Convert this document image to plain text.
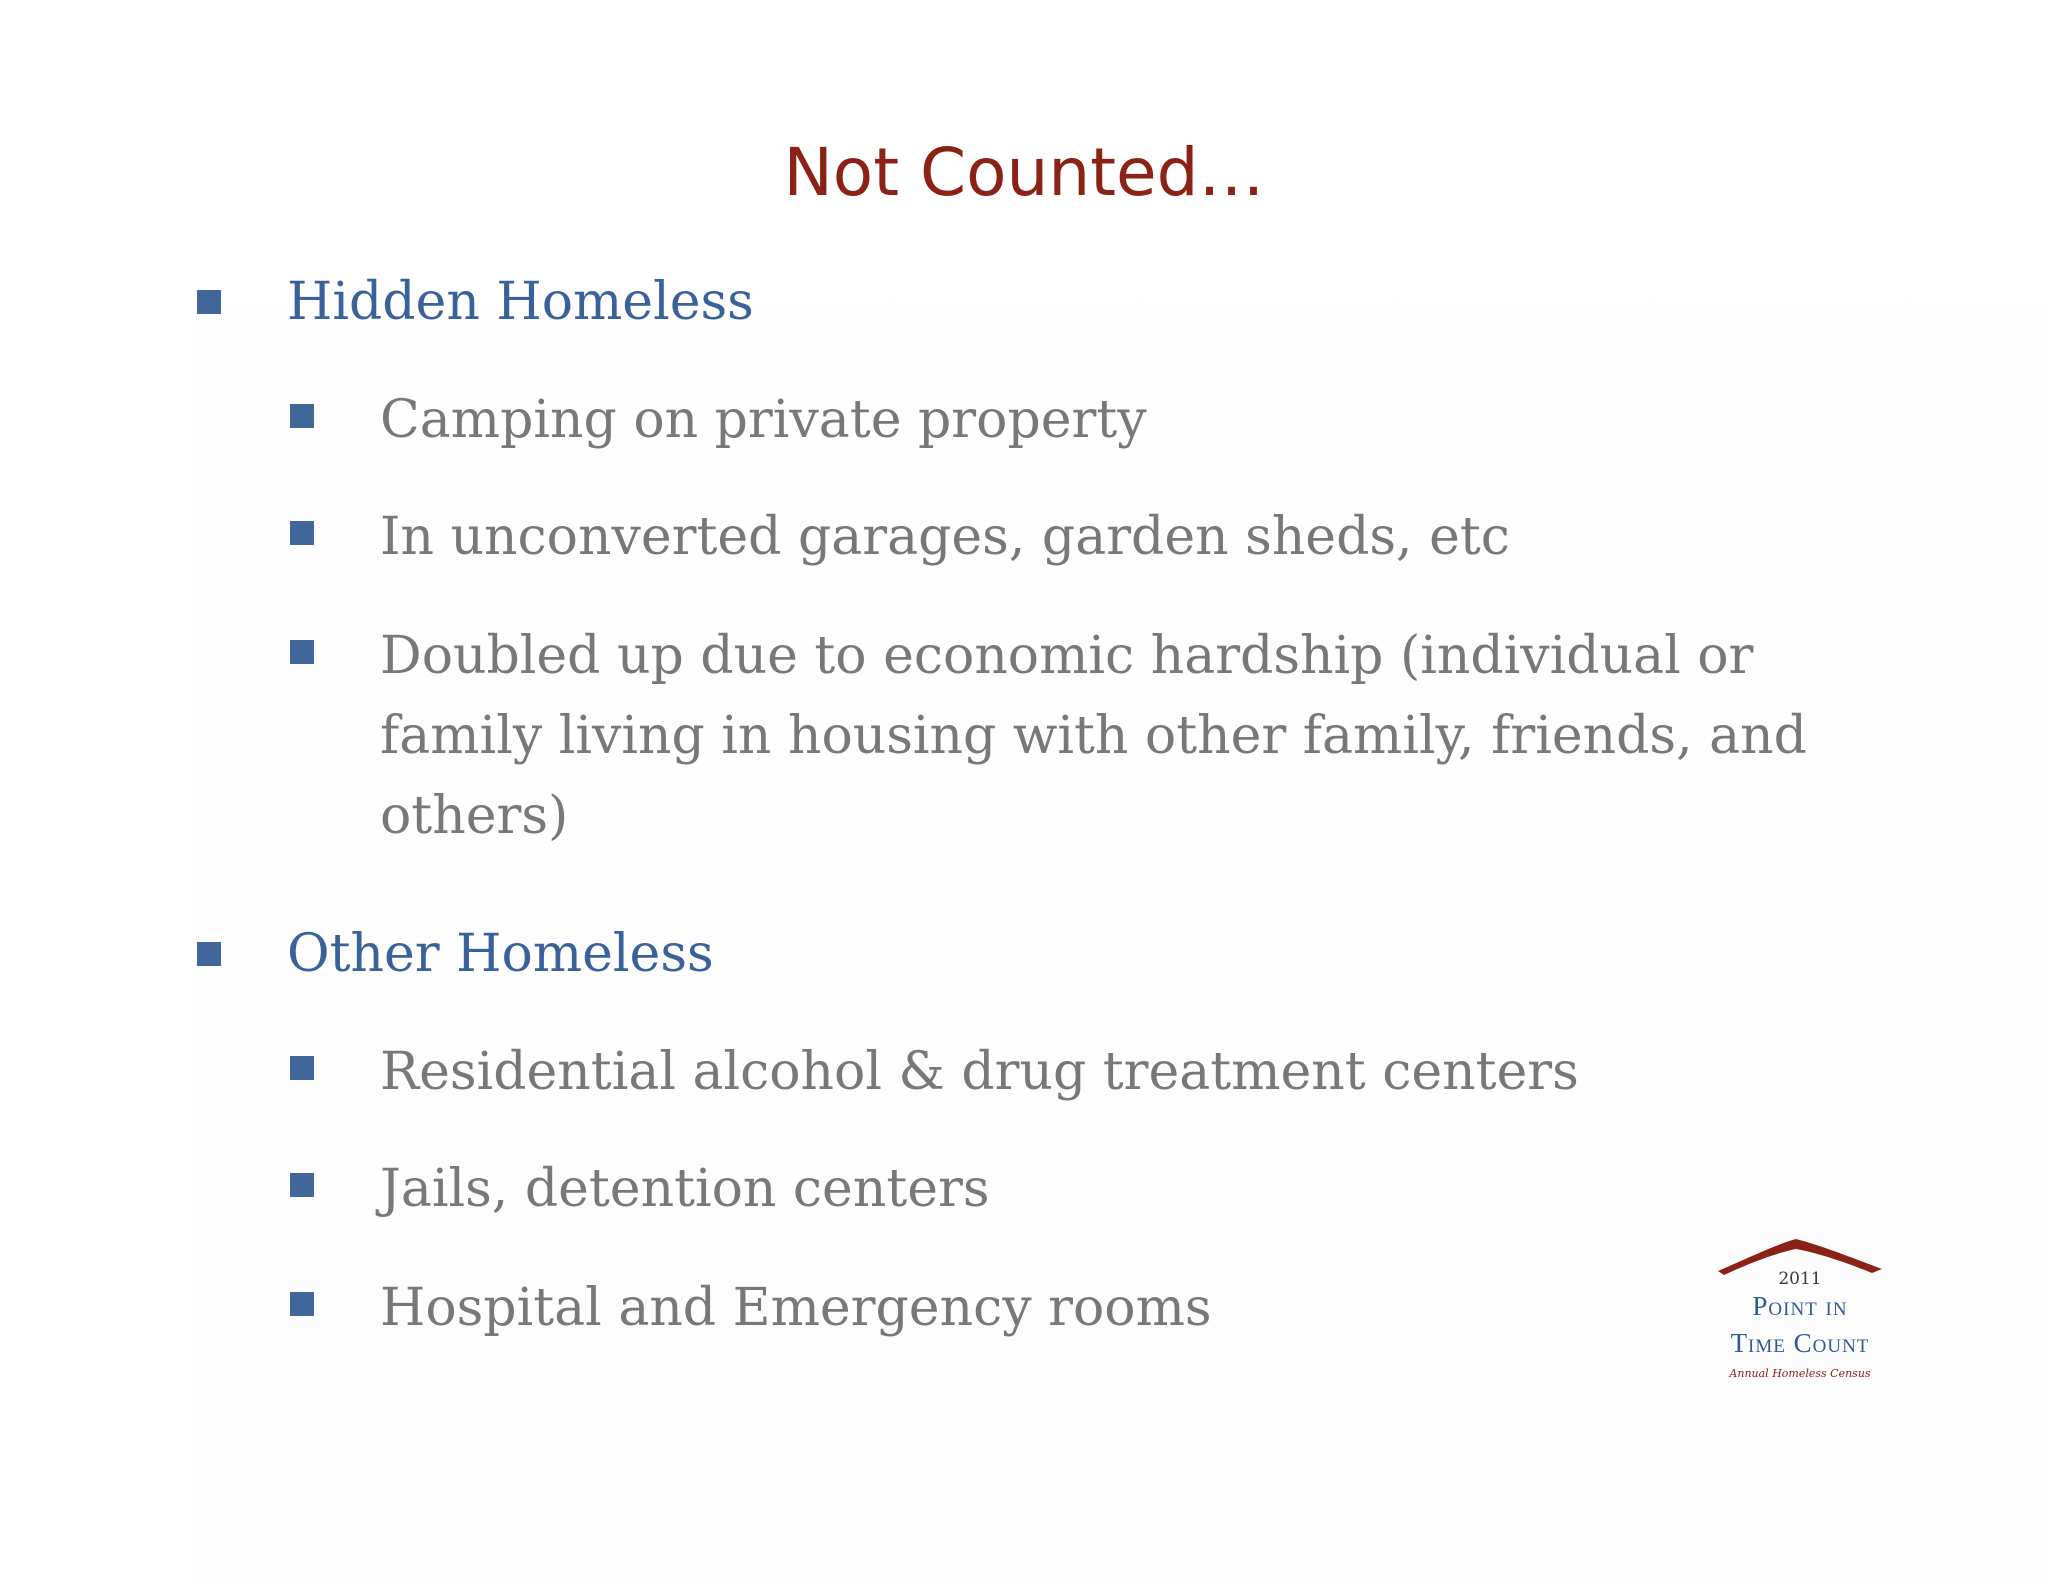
Not Counted…
Hidden Homeless
Camping on private property
In unconverted garages, garden sheds, etc
Doubled up due to economic hardship (individual or family living in housing with other family, friends, and others)
Other Homeless
Residential alcohol & drug treatment centers
Jails, detention centers
Hospital and Emergency rooms	2011
Point in
Time Count
Annual Homeless Census
